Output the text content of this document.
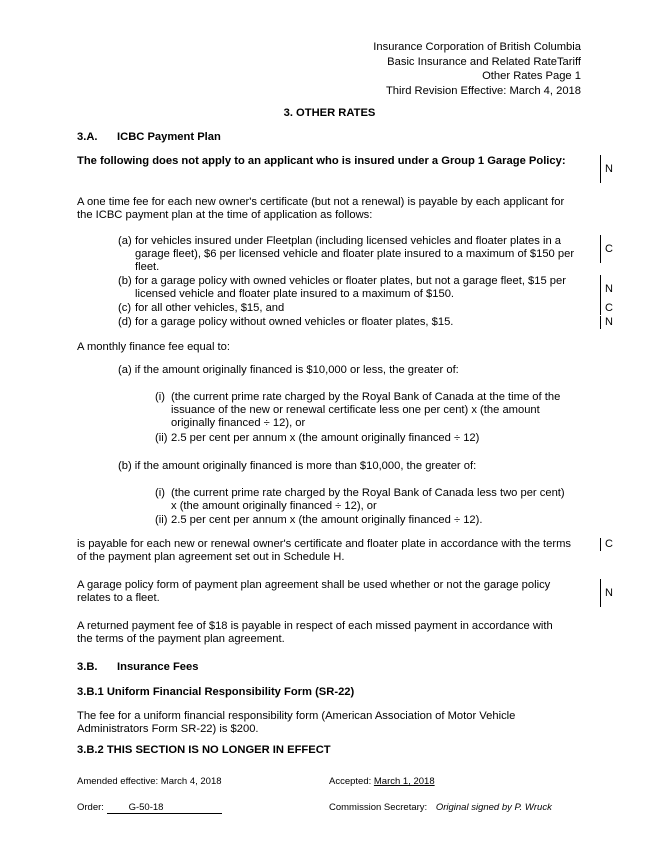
Insurance Corporation of British Columbia
Basic Insurance and Related RateTariff
Other Rates Page 1
Third Revision Effective: March 4, 2018
3. OTHER RATES
3.A. ICBC Payment Plan
The following does not apply to an applicant who is insured under a Group 1 Garage Policy:
N
A one time fee for each new owner's certificate (but not a renewal) is payable by each applicant for the ICBC payment plan at the time of application as follows:
(a) for vehicles insured under Fleetplan (including licensed vehicles and floater plates in a garage fleet), $6 per licensed vehicle and floater plate insured to a maximum of $150 per fleet.
C
(b) for a garage policy with owned vehicles or floater plates, but not a garage fleet, $15 per licensed vehicle and floater plate insured to a maximum of $150.	N
(c) for all other vehicles, $15, and	C
(d) for a garage policy without owned vehicles or floater plates, $15.	N
A monthly finance fee equal to:
(a) if the amount originally financed is $10,000 or less, the greater of:
(i) (the current prime rate charged by the Royal Bank of Canada at the time of the issuance of the new or renewal certificate less one per cent) x (the amount originally financed ÷ 12), or
(ii) 2.5 per cent per annum x (the amount originally financed ÷ 12)
(b) if the amount originally financed is more than $10,000, the greater of:
(i) (the current prime rate charged by the Royal Bank of Canada less two per cent) x (the amount originally financed ÷ 12), or
(ii) 2.5 per cent per annum x (the amount originally financed ÷ 12).
is payable for each new or renewal owner's certificate and floater plate in accordance with the terms of the payment plan agreement set out in Schedule H.
C
A garage policy form of payment plan agreement shall be used whether or not the garage policy relates to a fleet.	N
A returned payment fee of $18 is payable in respect of each missed payment in accordance with the terms of the payment plan agreement.
3.B. Insurance Fees
3.B.1 Uniform Financial Responsibility Form (SR-22)
The fee for a uniform financial responsibility form (American Association of Motor Vehicle Administrators Form SR-22) is $200.
3.B.2 THIS SECTION IS NO LONGER IN EFFECT
Amended effective: March 4, 2018	Accepted: March 1, 2018
Order:	G-50-18	Commission Secretary: Original signed by P. Wruck
